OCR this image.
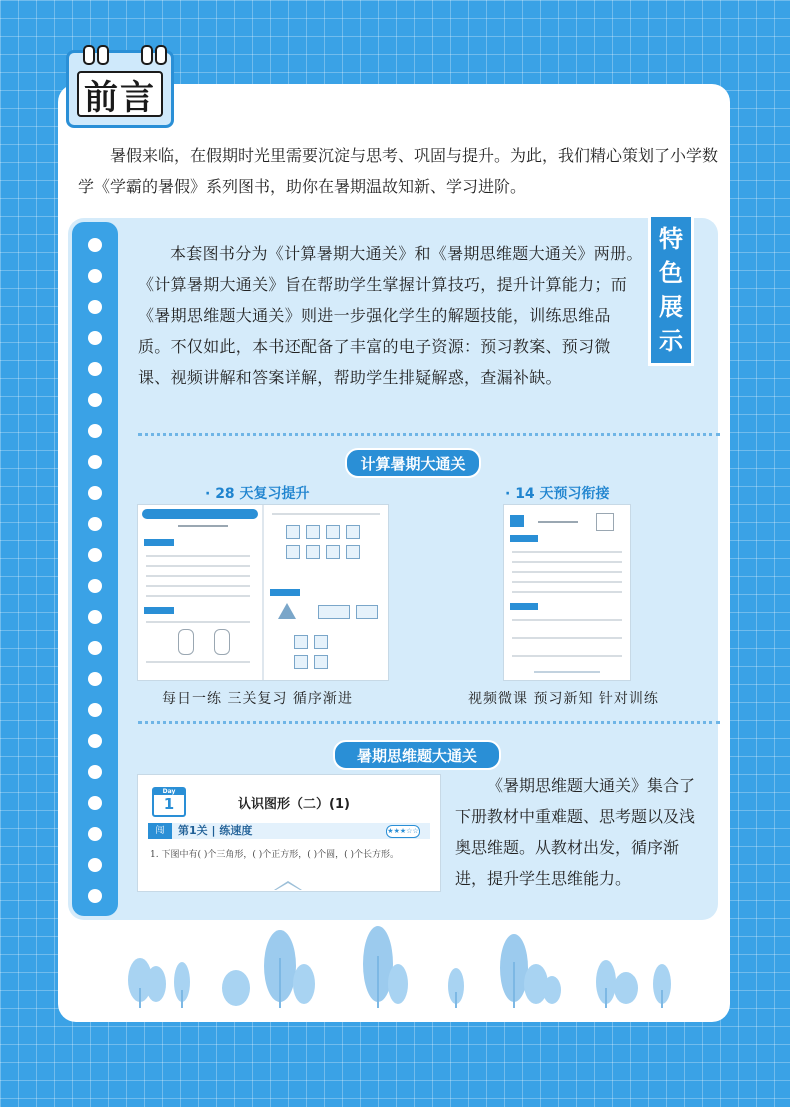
前言
暑假来临，在假期时光里需要沉淀与思考、巩固与提升。为此，我们精心策划了小学数学《学霸的暑假》系列图书，助你在暑期温故知新、学习进阶。
特
色
展
示
本套图书分为《计算暑期大通关》和《暑期思维题大通关》两册。《计算暑期大通关》旨在帮助学生掌握计算技巧，提升计算能力；而《暑期思维题大通关》则进一步强化学生的解题技能，训练思维品质。不仅如此，本书还配备了丰富的电子资源：预习教案、预习微课、视频讲解和答案详解，帮助学生排疑解惑，查漏补缺。
计算暑期大通关
· 28 天复习提升	· 14 天预习衔接
每日一练 三关复习 循序渐进	视频微课 预习新知 针对训练
暑期思维题大通关
Day
1	认识图形（二）(1)
闯	第1关 | 练速度	★★★☆☆
1. 下图中有( )个三角形，( )个正方形，( )个圆，( )个长方形。
《暑期思维题大通关》集合了下册教材中重难题、思考题以及浅奥思维题。从教材出发，循序渐进，提升学生思维能力。
